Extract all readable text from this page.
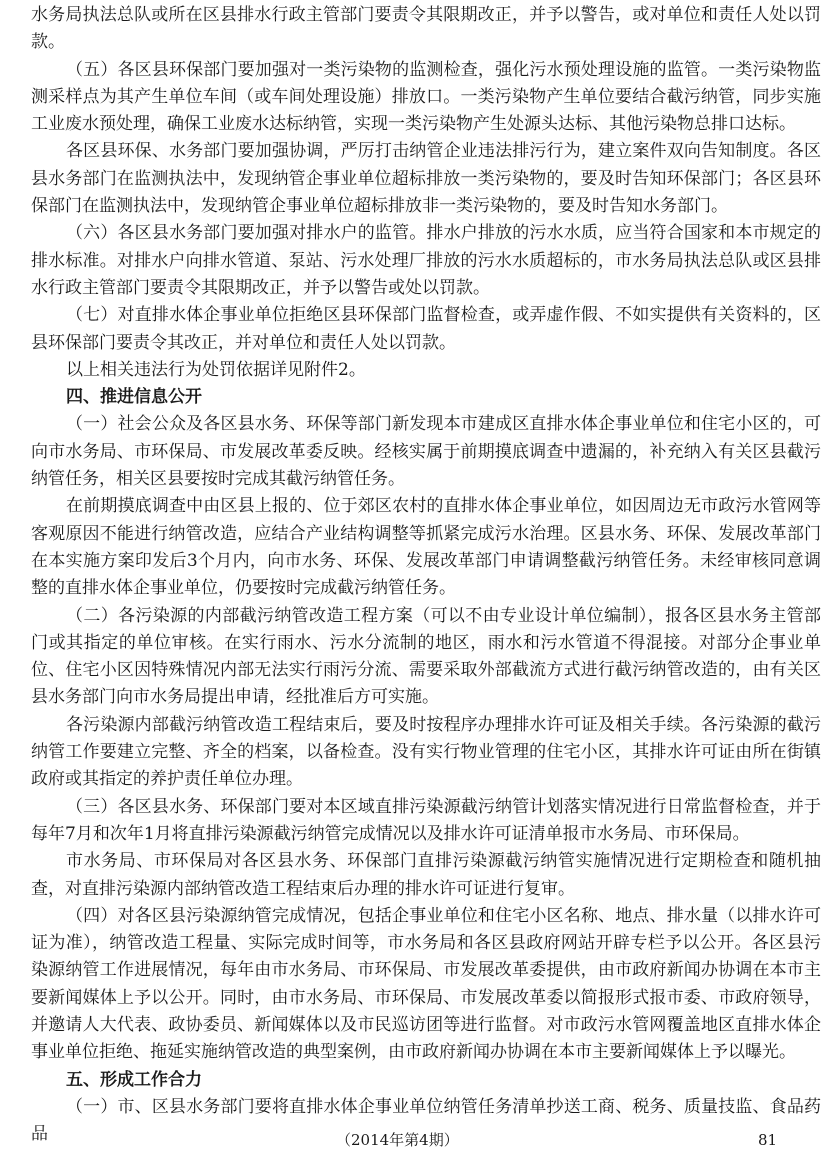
水务局执法总队或所在区县排水行政主管部门要责令其限期改正，并予以警告，或对单位和责任人处以罚款。

（五）各区县环保部门要加强对一类污染物的监测检查，强化污水预处理设施的监管。一类污染物监测采样点为其产生单位车间（或车间处理设施）排放口。一类污染物产生单位要结合截污纳管，同步实施工业废水预处理，确保工业废水达标纳管，实现一类污染物产生处源头达标、其他污染物总排口达标。

各区县环保、水务部门要加强协调，严厉打击纳管企业违法排污行为，建立案件双向告知制度。各区县水务部门在监测执法中，发现纳管企事业单位超标排放一类污染物的，要及时告知环保部门；各区县环保部门在监测执法中，发现纳管企事业单位超标排放非一类污染物的，要及时告知水务部门。

（六）各区县水务部门要加强对排水户的监管。排水户排放的污水水质，应当符合国家和本市规定的排水标准。对排水户向排水管道、泵站、污水处理厂排放的污水水质超标的，市水务局执法总队或区县排水行政主管部门要责令其限期改正，并予以警告或处以罚款。

（七）对直排水体企事业单位拒绝区县环保部门监督检查，或弄虚作假、不如实提供有关资料的，区县环保部门要责令其改正，并对单位和责任人处以罚款。

以上相关违法行为处罚依据详见附件2。

四、推进信息公开

（一）社会公众及各区县水务、环保等部门新发现本市建成区直排水体企事业单位和住宅小区的，可向市水务局、市环保局、市发展改革委反映。经核实属于前期摸底调查中遗漏的，补充纳入有关区县截污纳管任务，相关区县要按时完成其截污纳管任务。

在前期摸底调查中由区县上报的、位于郊区农村的直排水体企事业单位，如因周边无市政污水管网等客观原因不能进行纳管改造，应结合产业结构调整等抓紧完成污水治理。区县水务、环保、发展改革部门在本实施方案印发后3个月内，向市水务、环保、发展改革部门申请调整截污纳管任务。未经审核同意调整的直排水体企事业单位，仍要按时完成截污纳管任务。

（二）各污染源的内部截污纳管改造工程方案（可以不由专业设计单位编制），报各区县水务主管部门或其指定的单位审核。在实行雨水、污水分流制的地区，雨水和污水管道不得混接。对部分企事业单位、住宅小区因特殊情况内部无法实行雨污分流、需要采取外部截流方式进行截污纳管改造的，由有关区县水务部门向市水务局提出申请，经批准后方可实施。

各污染源内部截污纳管改造工程结束后，要及时按程序办理排水许可证及相关手续。各污染源的截污纳管工作要建立完整、齐全的档案，以备检查。没有实行物业管理的住宅小区，其排水许可证由所在街镇政府或其指定的养护责任单位办理。

（三）各区县水务、环保部门要对本区域直排污染源截污纳管计划落实情况进行日常监督检查，并于每年7月和次年1月将直排污染源截污纳管完成情况以及排水许可证清单报市水务局、市环保局。

市水务局、市环保局对各区县水务、环保部门直排污染源截污纳管实施情况进行定期检查和随机抽查，对直排污染源内部纳管改造工程结束后办理的排水许可证进行复审。

（四）对各区县污染源纳管完成情况，包括企事业单位和住宅小区名称、地点、排水量（以排水许可证为准），纳管改造工程量、实际完成时间等，市水务局和各区县政府网站开辟专栏予以公开。各区县污染源纳管工作进展情况，每年由市水务局、市环保局、市发展改革委提供，由市政府新闻办协调在本市主要新闻媒体上予以公开。同时，由市水务局、市环保局、市发展改革委以简报形式报市委、市政府领导，并邀请人大代表、政协委员、新闻媒体以及市民巡访团等进行监督。对市政污水管网覆盖地区直排水体企事业单位拒绝、拖延实施纳管改造的典型案例，由市政府新闻办协调在本市主要新闻媒体上予以曝光。

五、形成工作合力

（一）市、区县水务部门要将直排水体企事业单位纳管任务清单抄送工商、税务、质量技监、食品药品	（2014年第4期）	81
